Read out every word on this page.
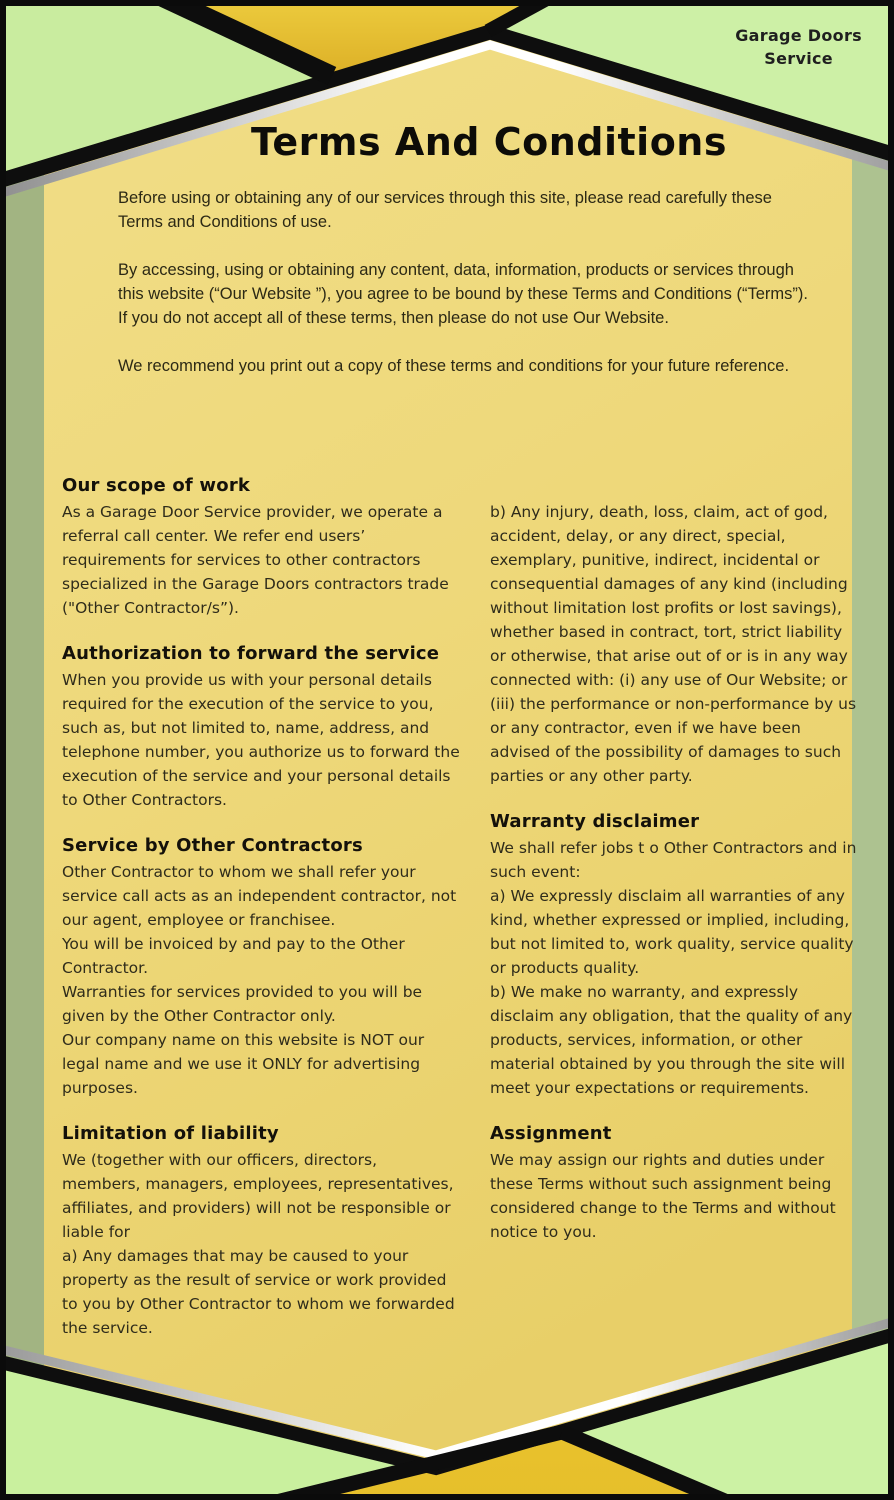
Garage Doors
Service
Terms And Conditions

Before using or obtaining any of our services through this site, please read carefully these Terms and Conditions of use.

By accessing, using or obtaining any content, data, information, products or services through this website (“Our Website ”), you agree to be bound by these Terms and Conditions (“Terms”). If you do not accept all of these terms, then please do not use Our Website.

We recommend you print out a copy of these terms and conditions for your future reference.

Our scope of work

As a Garage Door Service provider, we operate a referral call center. We refer end users’ requirements for services to other contractors specialized in the Garage Doors contractors trade ("Other Contractor/s”).

Authorization to forward the service

When you provide us with your personal details required for the execution of the service to you, such as, but not limited to, name, address, and telephone number, you authorize us to forward the execution of the service and your personal details to Other Contractors.

Service by Other Contractors

Other Contractor to whom we shall refer your service call acts as an independent contractor, not our agent, employee or franchisee.

You will be invoiced by and pay to the Other Contractor.

Warranties for services provided to you will be given by the Other Contractor only.

Our company name on this website is NOT our legal name and we use it ONLY for advertising purposes.

Limitation of liability

We (together with our officers, directors, members, managers, employees, representatives, affiliates, and providers) will not be responsible or liable for

a) Any damages that may be caused to your property as the result of service or work provided to you by Other Contractor to whom we forwarded the service.

b) Any injury, death, loss, claim, act of god, accident, delay, or any direct, special, exemplary, punitive, indirect, incidental or consequential damages of any kind (including without limitation lost profits or lost savings), whether based in contract, tort, strict liability or otherwise, that arise out of or is in any way connected with: (i) any use of Our Website; or (iii) the performance or non-performance by us or any contractor, even if we have been advised of the possibility of damages to such parties or any other party.

Warranty disclaimer

We shall refer jobs t o Other Contractors and in such event:

a) We expressly disclaim all warranties of any kind, whether expressed or implied, including, but not limited to, work quality, service quality or products quality.

b) We make no warranty, and expressly disclaim any obligation, that the quality of any products, services, information, or other material obtained by you through the site will meet your expectations or requirements.

Assignment

We may assign our rights and duties under these Terms without such assignment being considered change to the Terms and without notice to you.
